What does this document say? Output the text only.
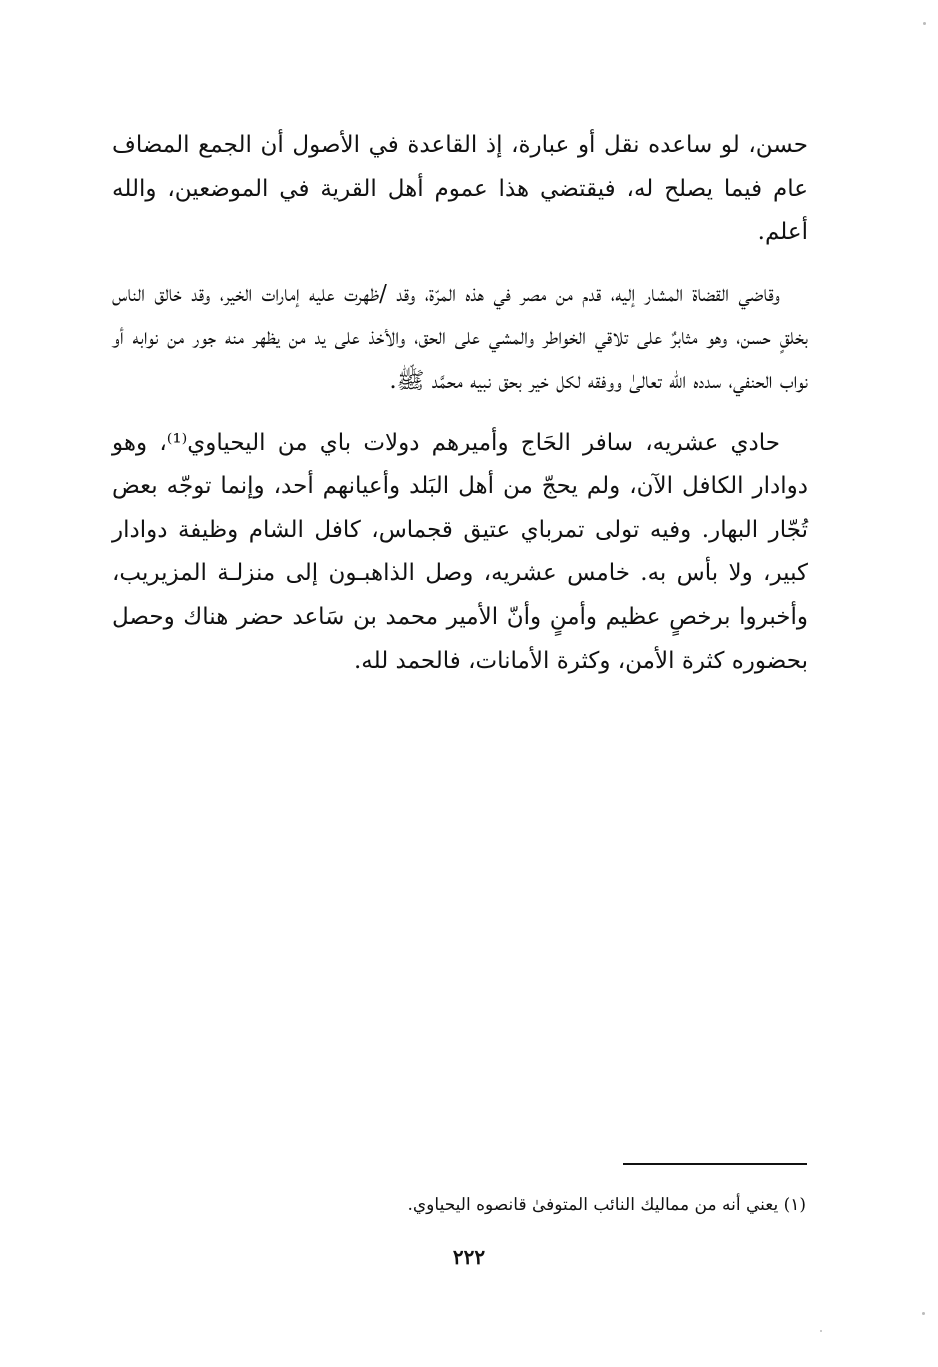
حسن، لو ساعده نقل أو عبارة، إذ القاعدة في الأصول أن الجمع المضاف عام فيما يصلح له، فيقتضي هذا عموم أهل القرية في الموضعين، والله أعلم.

وقاضي القضاة المشار إليه، قدم من مصر في هذه المرّة، وقد /ظهرت عليه إمارات الخير، وقد خالق الناس بخلقٍ حسن، وهو مثابرٌ على تلاقي الخواطر والمشي على الحق، والأخذ على يد من يظهر منه جور من نوابه أو نواب الحنفي، سدده الله تعالىٰ ووفقه لكل خير بحق نبيه محمَّد ﷺ.

حادي عشريه، سافر الحَاج وأميرهم دولات باي من اليحياوي⁽¹⁾، وهو دوادار الكافل الآن، ولم يحجّ من أهل البَلد وأعيانهم أحد، وإنما توجّه بعض تُجّار البهار. وفيه تولى تمرباي عتيق قجماس، كافل الشام وظيفة دوادار كبير، ولا بأس به. خامس عشريه، وصل الذاهبـون إلى منزلـة المزيريب، وأخبروا برخصٍ عظيم وأمنٍ وأنّ الأمير محمد بن سَاعد حضر هناك وحصل بحضوره كثرة الأمن، وكثرة الأمانات، فالحمد لله.

(١) يعني أنه من مماليك النائب المتوفىٰ قانصوه اليحياوي.
٢٢٢
